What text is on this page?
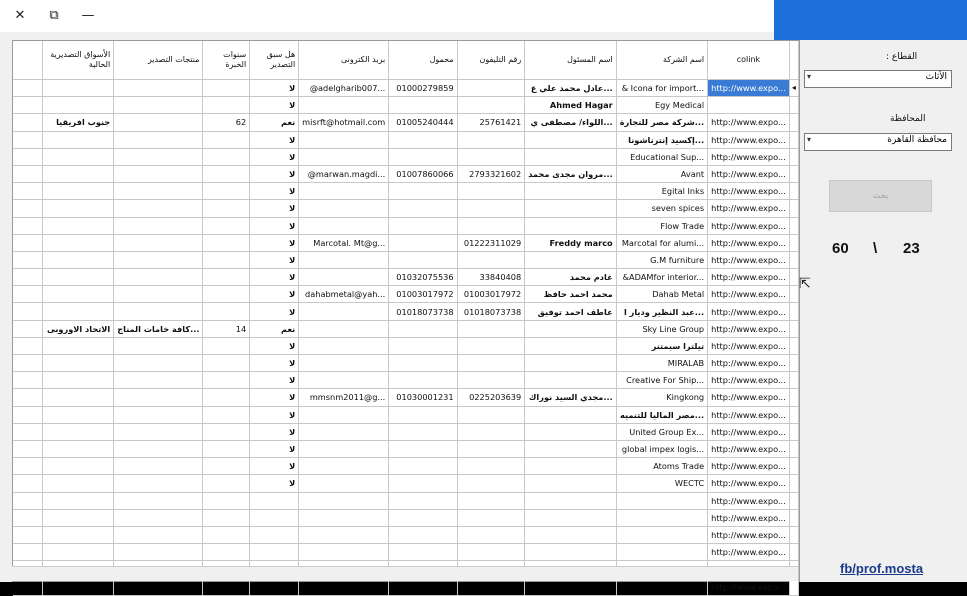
✕	⧉	—
	الأسواق التصديرية الحالية	منتجات التصدير	سنوات الخبرة	هل سبق التصدير	بريد الكترونى	محمول	رقم التليفون	اسم المسئول	اسم الشركة	colink	
				لا	@adelgharib007...	01000279859		عادل محمد علي ع...	& Icona for import...	http://www.expo...	◂
				لا				Ahmed Hagar	Egy Medical		
	جنوب افريقيا		62	نعم	misrft@hotmail.com	01005240444	25761421	اللواء/ مصطفى ي...	شركة مصر للتجارة...	http://www.expo...	
				لا					إكسيد إنترناشونا...	http://www.expo...	
				لا					Educational Sup...	http://www.expo...	
				لا	@marwan.magdi...	01007860066	2793321602	مروان مجدى محمد...	Avant	http://www.expo...	
				لا					Egital Inks	http://www.expo...	
				لا					seven spices	http://www.expo...	
				لا					Flow Trade	http://www.expo...	
				لا	Marcotal. Mt@g...		01222311029	Freddy marco	Marcotal for alumi...	http://www.expo...	
				لا					G.M furniture	http://www.expo...	
				لا		01032075536	33840408	غادم محمد	&ADAMfor interior...	http://www.expo...	
				لا	dahabmetal@yah...	01003017972	01003017972	محمد احمد حافظ	Dahab Metal	http://www.expo...	
				لا		01018073738	01018073738	عاطف احمد توفيق	عبد النظير وديار ا...	http://www.expo...	
	الاتحاد الاوروبى	كافة خامات المناج...	14	نعم					Sky Line Group	http://www.expo...	
				لا					تيلترا سيمتنر	http://www.expo...	
				لا					MIRALAB	http://www.expo...	
				لا					Creative For Ship...	http://www.expo...	
				لا	mmsnm2011@g...	01030001231	0225203639	مجدي السيد نوراك...	Kingkong	http://www.expo...	
				لا					مصر الماليا للتنميه...	http://www.expo...	
				لا					United Group Ex...	http://www.expo...	
				لا					global impex logis...	http://www.expo...	
				لا					Atoms Trade	http://www.expo...	
				لا					WECTC	http://www.expo...	
										http://www.expo...	
										http://www.expo...	
										http://www.expo...	
										http://www.expo...	

										http://www.expo...	
القطاع :
الأثاث
▾
المحافظة
محافظة القاهرة
▾
بحث
60 \ 23
fb/prof.mosta
⇱
